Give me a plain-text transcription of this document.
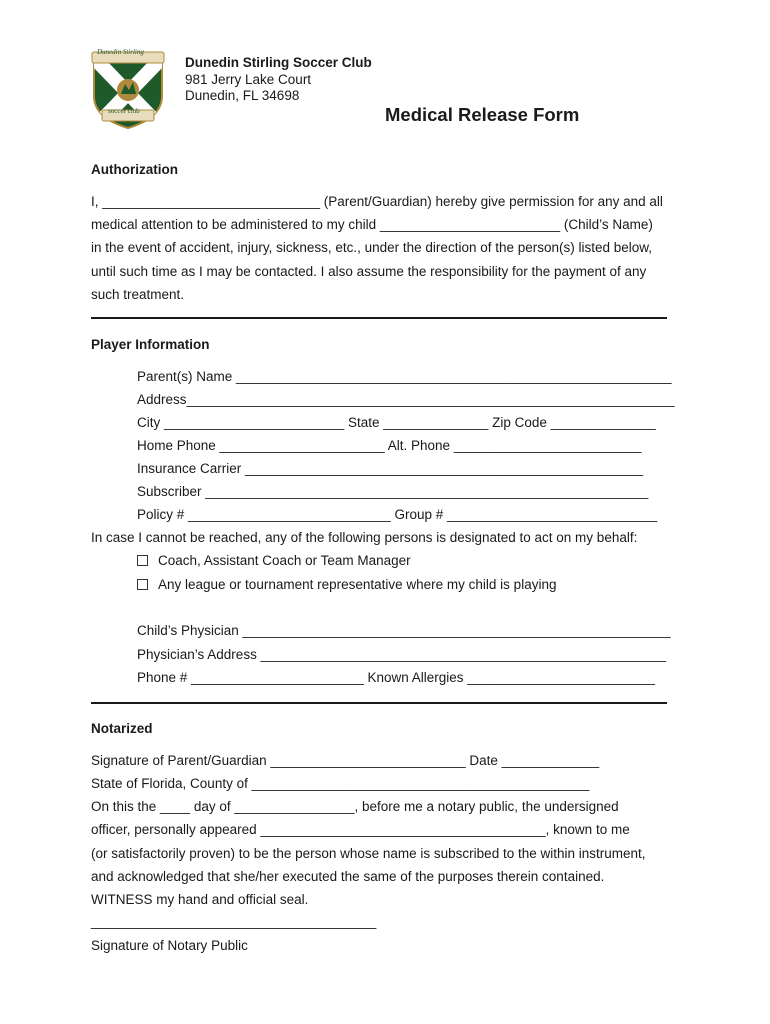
Dunedin Stirling
soccer club
Dunedin Stirling Soccer Club
981 Jerry Lake Court
Dunedin, FL 34698
Medical Release Form
Authorization
I, _____________________________ (Parent/Guardian) hereby give permission for any and all
medical attention to be administered to my child ________________________ (Child’s Name)
in the event of accident, injury, sickness, etc., under the direction of the person(s) listed below,
until such time as I may be contacted. I also assume the responsibility for the payment of any
such treatment.
Player Information
Parent(s) Name __________________________________________________________
Address_________________________________________________________________
City ________________________ State ______________ Zip Code ______________
Home Phone ______________________ Alt. Phone _________________________
Insurance Carrier _____________________________________________________
Subscriber ___________________________________________________________
Policy # ___________________________ Group # ____________________________
In case I cannot be reached, any of the following persons is designated to act on my behalf:
Coach, Assistant Coach or Team Manager
Any league or tournament representative where my child is playing
Child’s Physician _________________________________________________________
Physician’s Address ______________________________________________________
Phone # _______________________ Known Allergies _________________________
Notarized
Signature of Parent/Guardian __________________________ Date _____________
State of Florida, County of _____________________________________________
On this the ____ day of ________________, before me a notary public, the undersigned
officer, personally appeared ______________________________________, known to me
(or satisfactorily proven) to be the person whose name is subscribed to the within instrument,
and acknowledged that she/her executed the same of the purposes therein contained.
WITNESS my hand and official seal.
______________________________________
Signature of Notary Public
